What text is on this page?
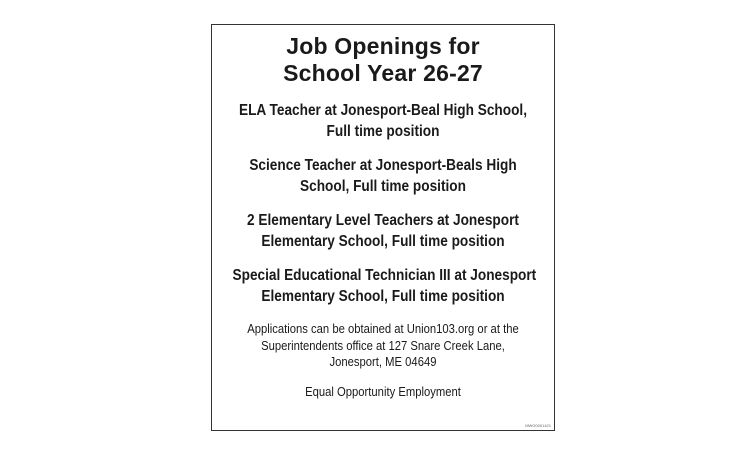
Job Openings for
School Year 26-27
ELA Teacher at Jonesport-Beal High School,
Full time position
Science Teacher at Jonesport-Beals High
School, Full time position
2 Elementary Level Teachers at Jonesport
Elementary School, Full time position
Special Educational Technician III at Jonesport
Elementary School, Full time position
Applications can be obtained at Union103.org or at the
Superintendents office at 127 Snare Creek Lane,
Jonesport, ME 04649
Equal Opportunity Employment
MWO0001421
